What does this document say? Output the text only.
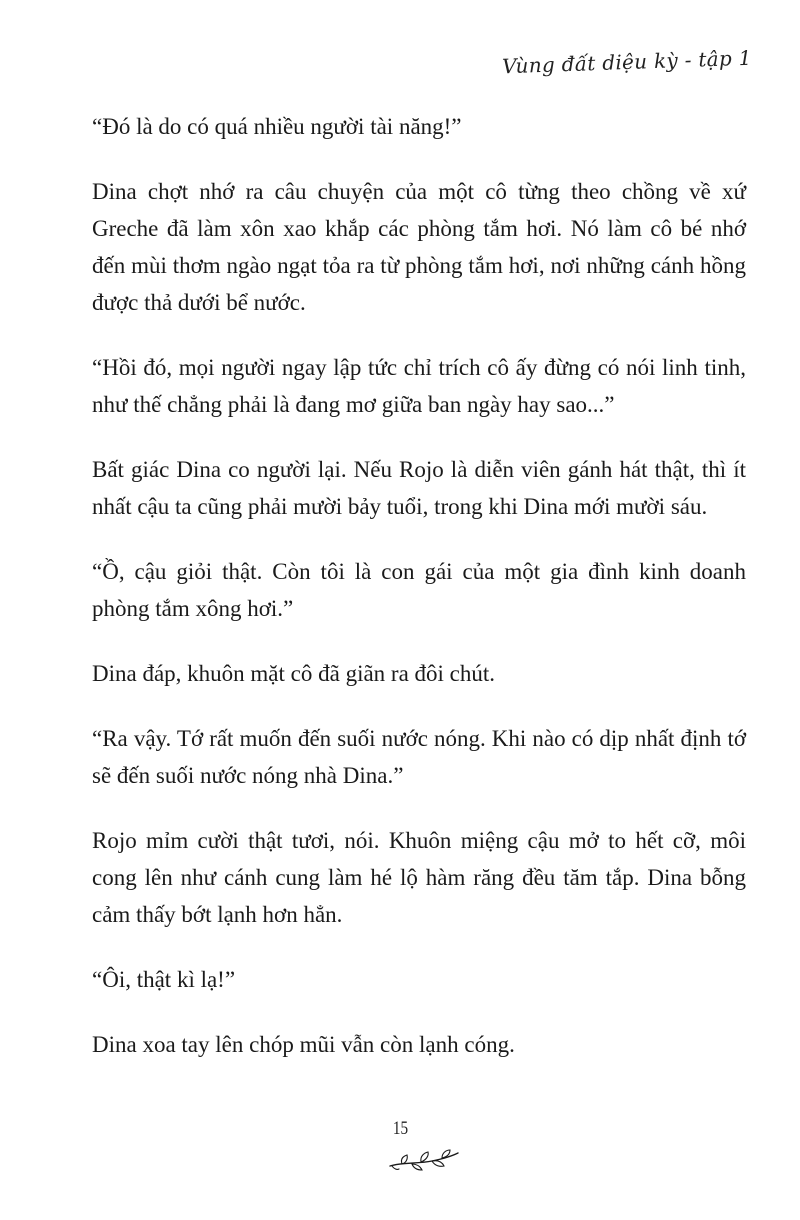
Vùng đất diệu kỳ - tập 1

“Đó là do có quá nhiều người tài năng!”

Dina chợt nhớ ra câu chuyện của một cô từng theo chồng về xứ Greche đã làm xôn xao khắp các phòng tắm hơi. Nó làm cô bé nhớ đến mùi thơm ngào ngạt tỏa ra từ phòng tắm hơi, nơi những cánh hồng được thả dưới bể nước.

“Hồi đó, mọi người ngay lập tức chỉ trích cô ấy đừng có nói linh tinh, như thế chẳng phải là đang mơ giữa ban ngày hay sao...”

Bất giác Dina co người lại. Nếu Rojo là diễn viên gánh hát thật, thì ít nhất cậu ta cũng phải mười bảy tuổi, trong khi Dina mới mười sáu.

“Ồ, cậu giỏi thật. Còn tôi là con gái của một gia đình kinh doanh phòng tắm xông hơi.”

Dina đáp, khuôn mặt cô đã giãn ra đôi chút.

“Ra vậy. Tớ rất muốn đến suối nước nóng. Khi nào có dịp nhất định tớ sẽ đến suối nước nóng nhà Dina.”

Rojo mỉm cười thật tươi, nói. Khuôn miệng cậu mở to hết cỡ, môi cong lên như cánh cung làm hé lộ hàm răng đều tăm tắp. Dina bỗng cảm thấy bớt lạnh hơn hẳn.

“Ôi, thật kì lạ!”

Dina xoa tay lên chóp mũi vẫn còn lạnh cóng.

15
